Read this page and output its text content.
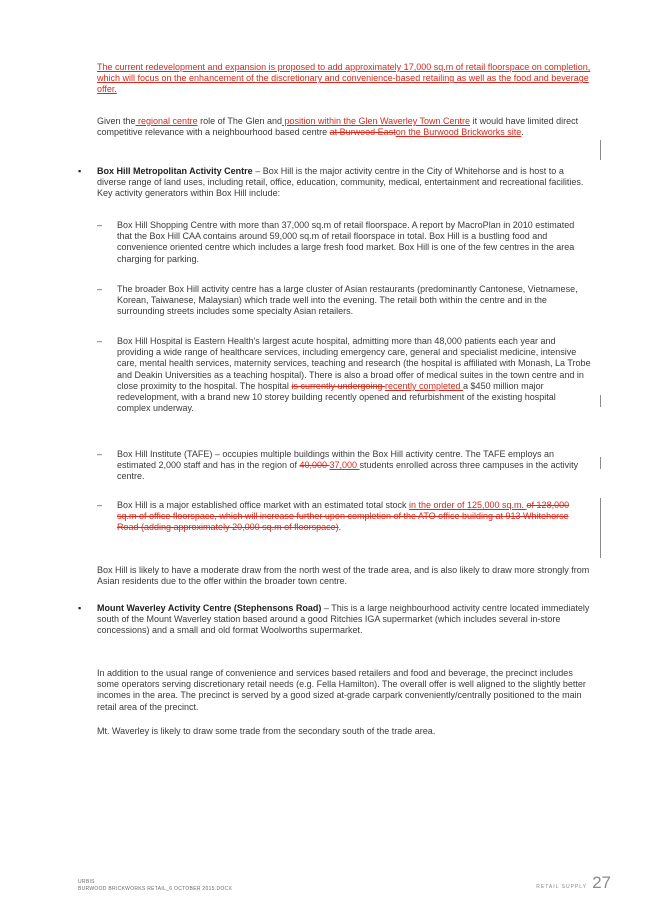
The current redevelopment and expansion is proposed to add approximately 17,000 sq.m of retail floorspace on completion, which will focus on the enhancement of the discretionary and convenience-based retailing as well as the food and beverage offer.

Given the regional centre role of The Glen and position within the Glen Waverley Town Centre it would have limited direct competitive relevance with a neighbourhood based centre at Burwood Easton the Burwood Brickworks site.

▪ Box Hill Metropolitan Activity Centre – Box Hill is the major activity centre in the City of Whitehorse and is host to a diverse range of land uses, including retail, office, education, community, medical, entertainment and recreational facilities. Key activity generators within Box Hill include:

– Box Hill Shopping Centre with more than 37,000 sq.m of retail floorspace. A report by MacroPlan in 2010 estimated that the Box Hill CAA contains around 59,000 sq.m of retail floorspace in total. Box Hill is a bustling food and convenience oriented centre which includes a large fresh food market. Box Hill is one of the few centres in the area charging for parking.

– The broader Box Hill activity centre has a large cluster of Asian restaurants (predominantly Cantonese, Vietnamese, Korean, Taiwanese, Malaysian) which trade well into the evening. The retail both within the centre and in the surrounding streets includes some specialty Asian retailers.

– Box Hill Hospital is Eastern Health's largest acute hospital, admitting more than 48,000 patients each year and providing a wide range of healthcare services, including emergency care, general and specialist medicine, intensive care, mental health services, maternity services, teaching and research (the hospital is affiliated with Monash, La Trobe and Deakin Universities as a teaching hospital). There is also a broad offer of medical suites in the town centre and in close proximity to the hospital. The hospital is currently undergoing recently completed a $450 million major redevelopment, with a brand new 10 storey building recently opened and refurbishment of the existing hospital complex underway.

– Box Hill Institute (TAFE) – occupies multiple buildings within the Box Hill activity centre. The TAFE employs an estimated 2,000 staff and has in the region of 40,000 37,000 students enrolled across three campuses in the activity centre.

– Box Hill is a major established office market with an estimated total stock in the order of 125,000 sq.m. of 128,000 sq.m of office floorspace, which will increase further upon completion of the ATO office building at 913 Whitehorse Road (adding approximately 20,000 sq.m of floorspace).

Box Hill is likely to have a moderate draw from the north west of the trade area, and is also likely to draw more strongly from Asian residents due to the offer within the broader town centre.

▪ Mount Waverley Activity Centre (Stephensons Road) – This is a large neighbourhood activity centre located immediately south of the Mount Waverley station based around a good Ritchies IGA supermarket (which includes several in-store concessions) and a small and old format Woolworths supermarket.

In addition to the usual range of convenience and services based retailers and food and beverage, the precinct includes some operators serving discretionary retail needs (e.g. Fella Hamilton). The overall offer is well aligned to the slightly better incomes in the area. The precinct is served by a good sized at-grade carpark conveniently/centrally positioned to the main retail area of the precinct.

Mt. Waverley is likely to draw some trade from the secondary south of the trade area.

URBIS
BURWOOD BRICKWORKS RETAIL_6 OCTOBER 2015.DOCX	RETAIL SUPPLY 27
